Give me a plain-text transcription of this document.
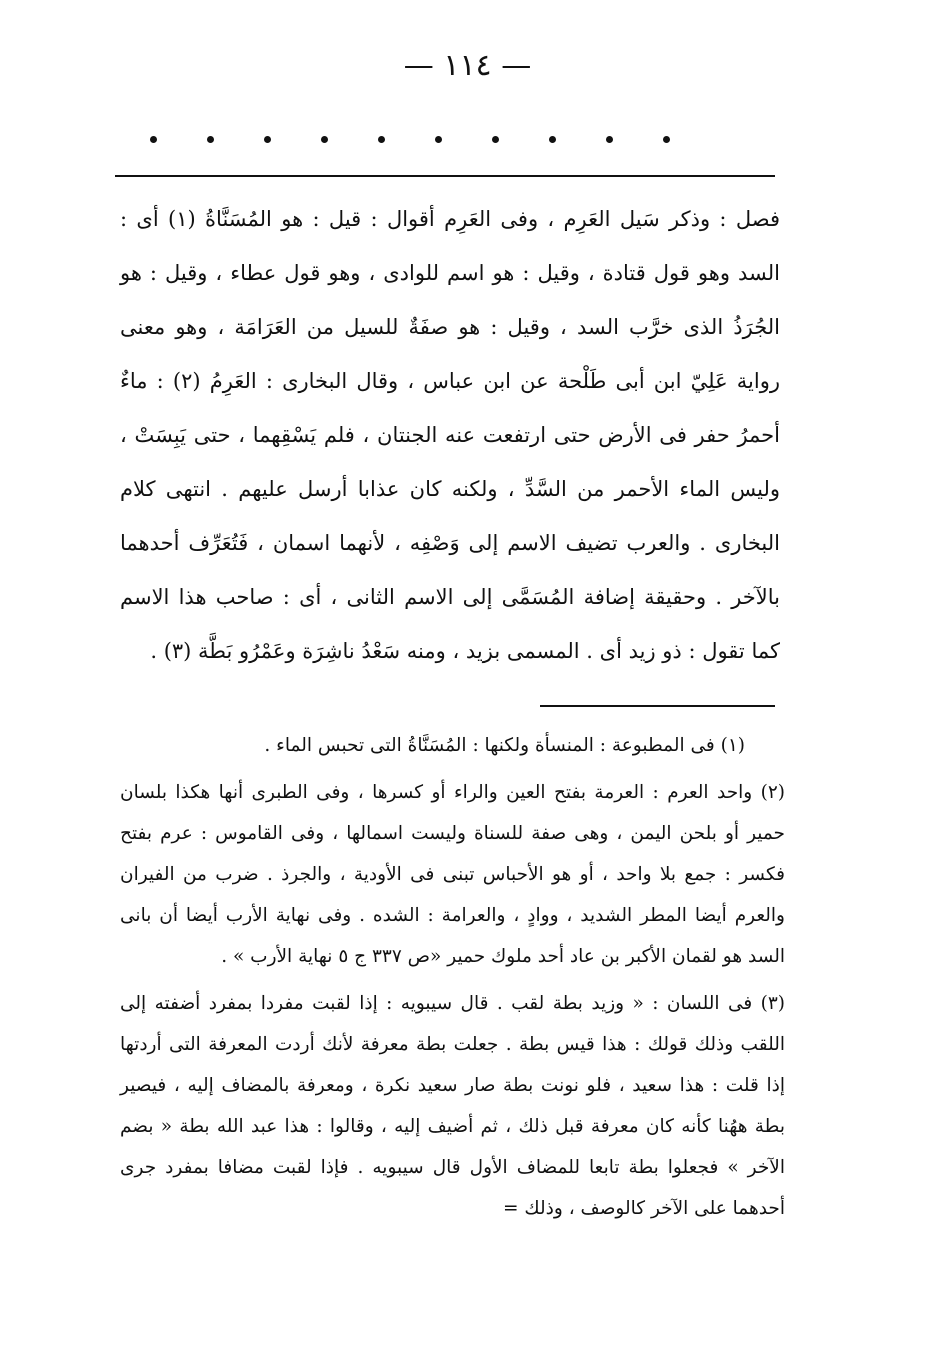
— ١١٤ —

فصل : وذكر سَيل العَرِم ، وفى العَرِم أقوال : قيل : هو المُسَنَّاةُ (١) أى : السد وهو قول قتادة ، وقيل : هو اسم للوادى ، وهو قول عطاء ، وقيل : هو الجُرَذُ الذى خرَّب السد ، وقيل : هو صفَةٌ للسيل من العَرَامَة ، وهو معنى رواية عَلِيّ ابن أبى طَلْحة عن ابن عباس ، وقال البخارى : العَرِمُ (٢) : ماءٌ أحمرُ حفر فى الأرض حتى ارتفعت عنه الجنتان ، فلم يَسْقِهما ، حتى يَبِسَتْ ، وليس الماء الأحمر من السَّدِّ ، ولكنه كان عذابا أرسل عليهم . انتهى كلام البخارى . والعرب تضيف الاسم إلى وَصْفِه ، لأنهما اسمان ، فَتُعَرِّف أحدهما بالآخر . وحقيقة إضافة المُسَمَّى إلى الاسم الثانى ، أى : صاحب هذا الاسم كما تقول : ذو زيد أى . المسمى بزيد ، ومنه سَعْدُ ناشِرَة وعَمْرُو بَطَّة (٣) .

(١) فى المطبوعة : المنسأة ولكنها : المُسَنَّاةُ التى تحبس الماء .

(٢) واحد العرم : العرمة بفتح العين والراء أو كسرها ، وفى الطبرى أنها هكذا بلسان حمير أو بلحن اليمن ، وهى صفة للسناة وليست اسمالها ، وفى القاموس : عرم بفتح فكسر : جمع بلا واحد ، أو هو الأحباس تبنى فى الأودية ، والجرذ . ضرب من الفيران والعرم أيضا المطر الشديد ، ووادٍ ، والعرامة : الشده . وفى نهاية الأرب أيضا أن بانى السد هو لقمان الأكبر بن عاد أحد ملوك حمير «ص ٣٣٧ ج ٥ نهاية الأرب » .

(٣) فى اللسان : « وزيد بطة لقب . قال سيبويه : إذا لقبت مفردا بمفرد أضفته إلى اللقب وذلك قولك : هذا قيس بطة . جعلت بطة معرفة لأنك أردت المعرفة التى أردتها إذا قلت : هذا سعيد ، فلو نونت بطة صار سعيد نكرة ، ومعرفة بالمضاف إليه ، فيصير بطة ههُنا كأنه كان معرفة قبل ذلك ، ثم أضيف إليه ، وقالوا : هذا عبد الله بطة « بضم الآخر » فجعلوا بطة تابعا للمضاف الأول قال سيبويه . فإذا لقبت مضافا بمفرد جرى أحدهما على الآخر كالوصف ، وذلك =
